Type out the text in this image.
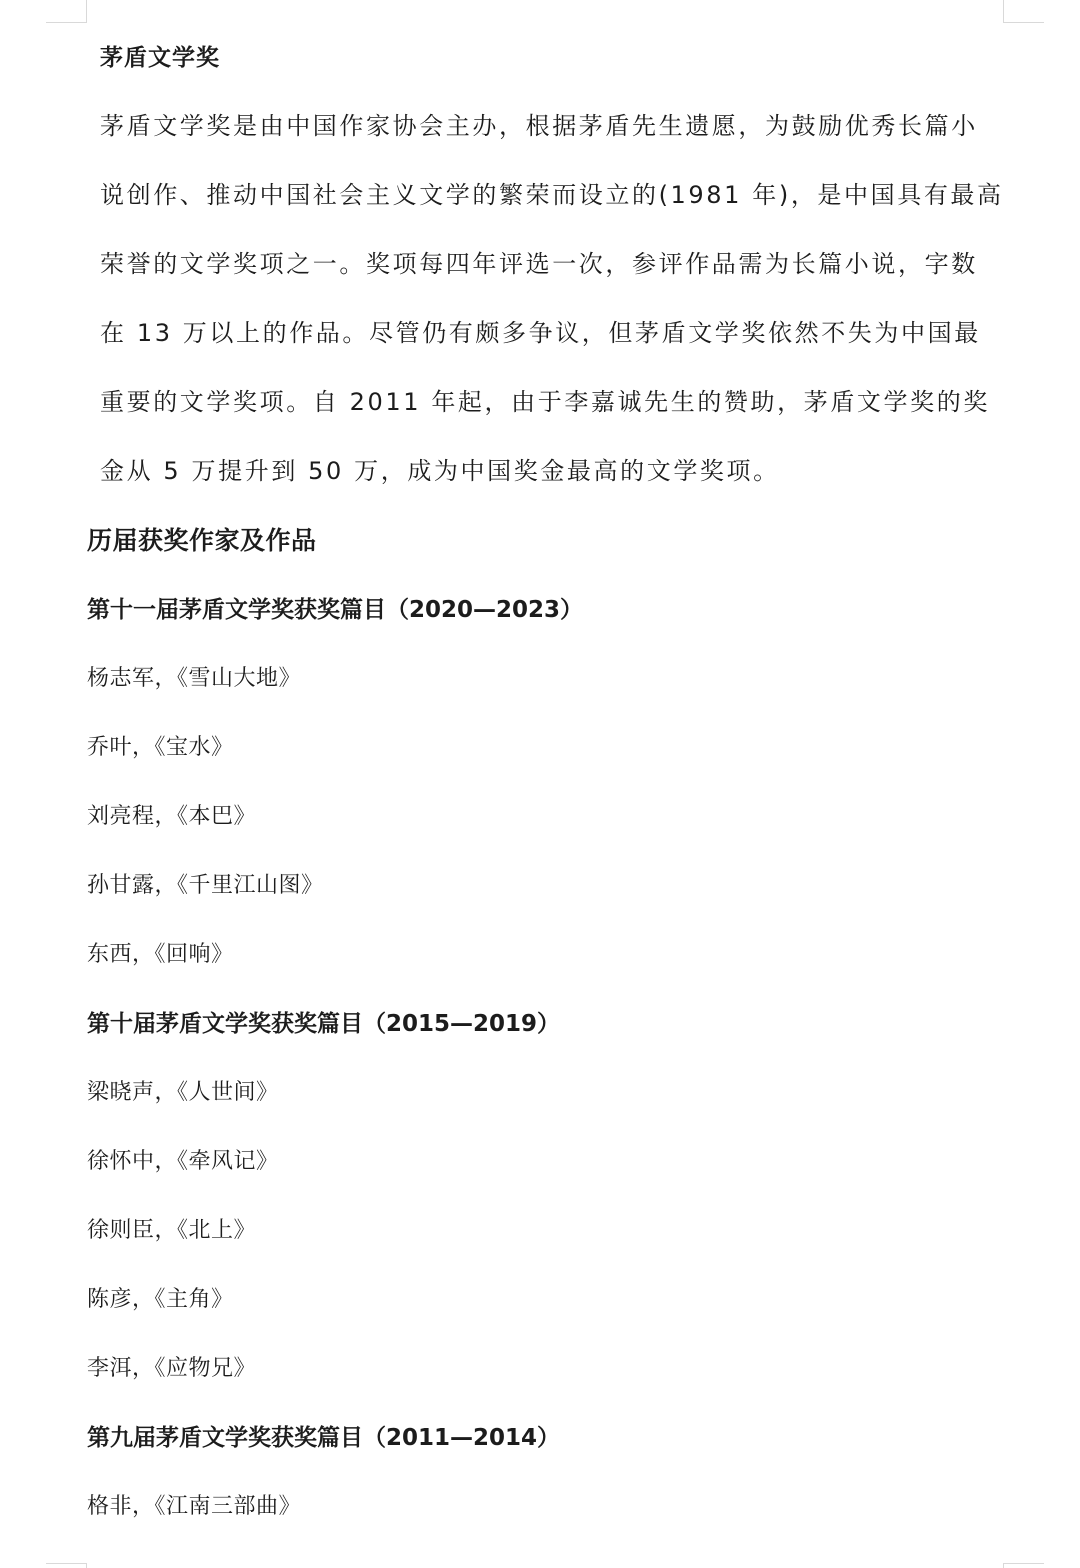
茅盾文学奖

茅盾文学奖是由中国作家协会主办，根据茅盾先生遗愿，为鼓励优秀长篇小
说创作、推动中国社会主义文学的繁荣而设立的(1981 年)，是中国具有最高
荣誉的文学奖项之一。奖项每四年评选一次，参评作品需为长篇小说，字数
在 13 万以上的作品。尽管仍有颇多争议，但茅盾文学奖依然不失为中国最
重要的文学奖项。自 2011 年起，由于李嘉诚先生的赞助，茅盾文学奖的奖
金从 5 万提升到 50 万，成为中国奖金最高的文学奖项。

历届获奖作家及作品
第十一届茅盾文学奖获奖篇目（2020—2023）

杨志军，《雪山大地》

乔叶，《宝水》

刘亮程，《本巴》

孙甘露，《千里江山图》

东西，《回响》

第十届茅盾文学奖获奖篇目（2015—2019）

梁晓声，《人世间》

徐怀中，《牵风记》

徐则臣，《北上》

陈彦，《主角》

李洱，《应物兄》

第九届茅盾文学奖获奖篇目（2011—2014）

格非，《江南三部曲》
